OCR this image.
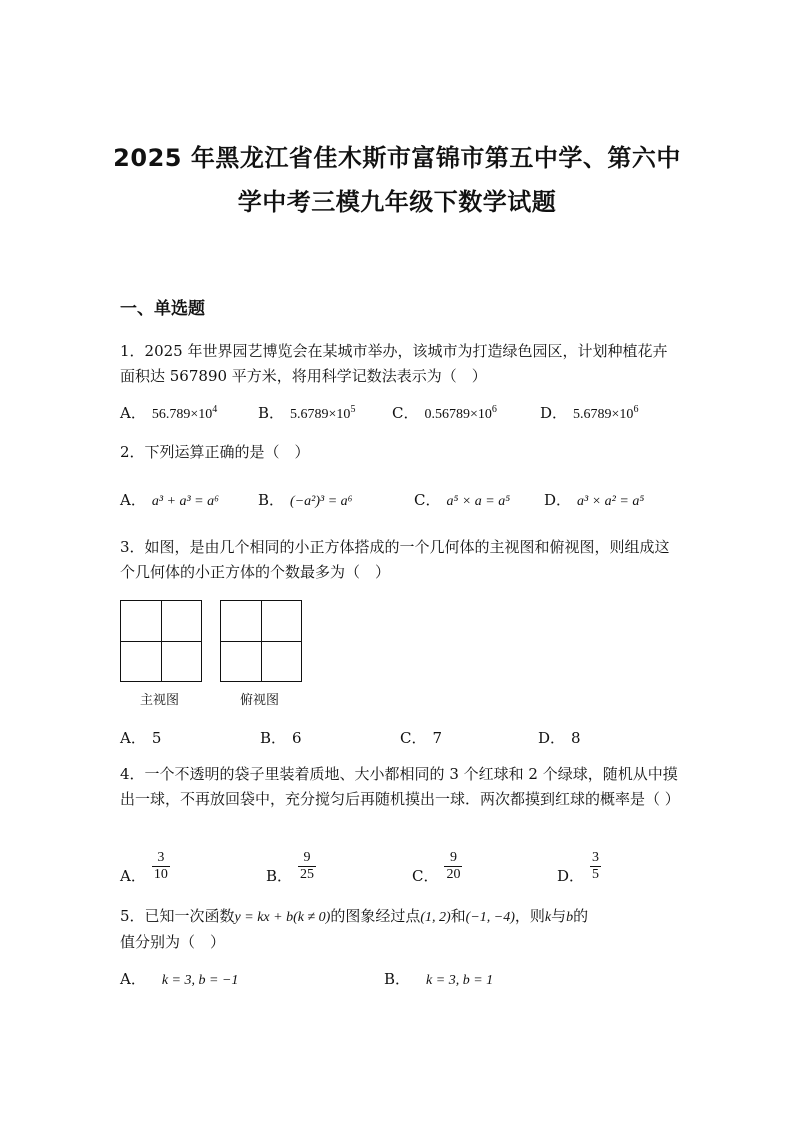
2025 年黑龙江省佳木斯市富锦市第五中学、第六中
学中考三模九年级下数学试题
一、单选题
1．2025 年世界园艺博览会在某城市举办，该城市为打造绿色园区，计划种植花卉面积达 567890 平方米，将用科学记数法表示为（　）
A． $56.789\times 10^4$	B． $5.6789\times 10^5$ C． $0.56789\times 10^6$	D． $5.6789\times 10^6$
2．下列运算正确的是（　）
A． a³ + a³ = a⁶	B． (−a²)³ = a⁶	C． a⁵ × a = a⁵ D． a³ × a² = a⁵
3．如图，是由几个相同的小正方体搭成的一个几何体的主视图和俯视图，则组成这个几何体的小正方体的个数最多为（　）
主视图	俯视图
A． 5	B． 6	C． 7	D． 8
4．一个不透明的袋子里装着质地、大小都相同的 3 个红球和 2 个绿球，随机从中摸出一球，不再放回袋中，充分搅匀后再随机摸出一球．两次都摸到红球的概率是（ ）
A． $\frac{3}{10}$	B． $\frac{9}{25}$	C． $\frac{9}{20}$	D． $\frac{3}{5}$
5．已知一次函数y = kx + b(k ≠ 0)的图象经过点(1, 2)和(−1, −4)，则k与b的
值分别为（　）
A． k = 3, b = −1	B． k = 3, b = 1
